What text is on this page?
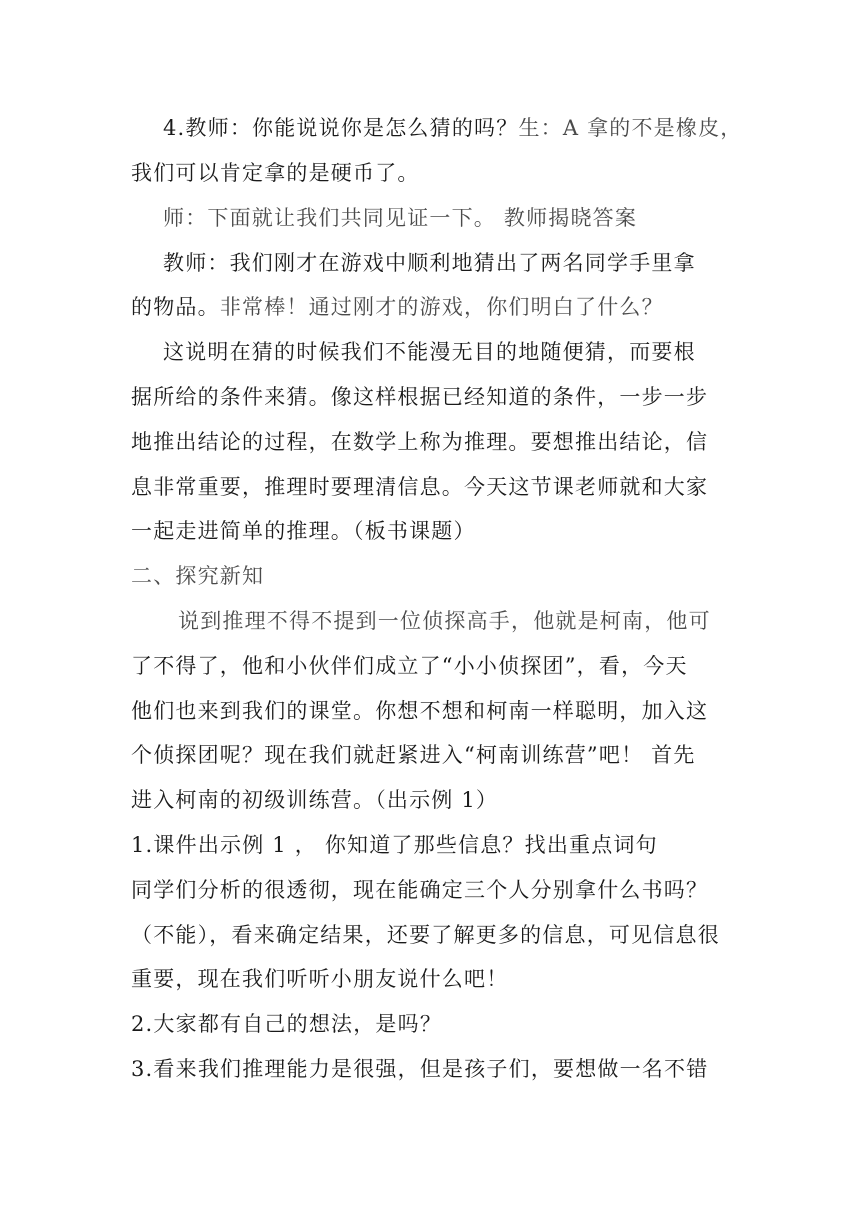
4.教师：你能说说你是怎么猜的吗？生：A 拿的不是橡皮，
我们可以肯定拿的是硬币了。
师：下面就让我们共同见证一下。 教师揭晓答案
教师：我们刚才在游戏中顺利地猜出了两名同学手里拿
的物品。非常棒！通过刚才的游戏，你们明白了什么？
这说明在猜的时候我们不能漫无目的地随便猜，而要根
据所给的条件来猜。像这样根据已经知道的条件，一步一步
地推出结论的过程，在数学上称为推理。要想推出结论，信
息非常重要，推理时要理清信息。今天这节课老师就和大家
一起走进简单的推理。（板书课题）
二、探究新知
说到推理不得不提到一位侦探高手，他就是柯南，他可
了不得了，他和小伙伴们成立了“小小侦探团”，看，今天
他们也来到我们的课堂。你想不想和柯南一样聪明，加入这
个侦探团呢？现在我们就赶紧进入“柯南训练营”吧！ 首先
进入柯南的初级训练营。（出示例 1）
1.课件出示例 1 ， 你知道了那些信息？找出重点词句
同学们分析的很透彻，现在能确定三个人分别拿什么书吗？
（不能），看来确定结果，还要了解更多的信息，可见信息很
重要，现在我们听听小朋友说什么吧！
2.大家都有自己的想法，是吗？
3.看来我们推理能力是很强，但是孩子们，要想做一名不错
